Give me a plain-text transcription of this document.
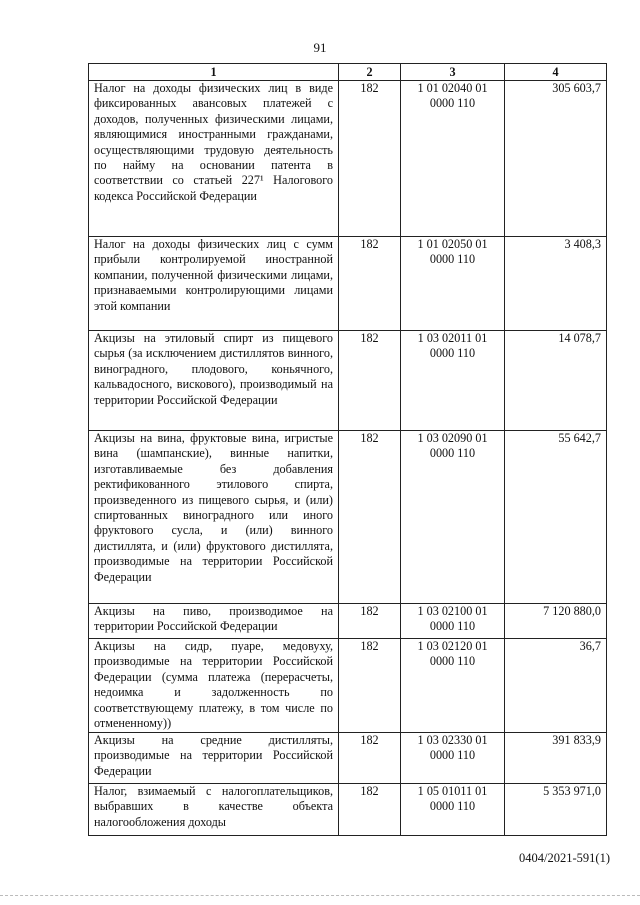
91
1	2	3	4
Налог на доходы физических лиц в виде фиксированных авансовых платежей с доходов, полученных физическими лицами, являющимися иностранными гражданами, осуществляющими трудовую деятельность по найму на основании патента в соответствии со статьей 227¹ Налогового кодекса Российской Федерации	182	1 01 02040 01 0000 110	305 603,7
Налог на доходы физических лиц с сумм прибыли контролируемой иностранной компании, полученной физическими лицами, признаваемыми контролирующими лицами этой компании	182	1 01 02050 01 0000 110	3 408,3
Акцизы на этиловый спирт из пищевого сырья (за исключением дистиллятов винного, виноградного, плодового, коньячного, кальвадосного, вискового), производимый на территории Российской Федерации	182	1 03 02011 01 0000 110	14 078,7
Акцизы на вина, фруктовые вина, игристые вина (шампанские), винные напитки, изготавливаемые без добавления ректификованного этилового спирта, произведенного из пищевого сырья, и (или) спиртованных виноградного или иного фруктового сусла, и (или) винного дистиллята, и (или) фруктового дистиллята, производимые на территории Российской Федерации	182	1 03 02090 01 0000 110	55 642,7
Акцизы на пиво, производимое на территории Российской Федерации	182	1 03 02100 01 0000 110	7 120 880,0
Акцизы на сидр, пуаре, медовуху, производимые на территории Российской Федерации (сумма платежа (перерасчеты, недоимка и задолженность по соответствующему платежу, в том числе по отмененному))	182	1 03 02120 01 0000 110	36,7
Акцизы на средние дистилляты, производимые на территории Российской Федерации	182	1 03 02330 01 0000 110	391 833,9
Налог, взимаемый с налогоплательщиков, выбравших в качестве объекта налогообложения доходы	182	1 05 01011 01 0000 110	5 353 971,0
0404/2021-591(1)
